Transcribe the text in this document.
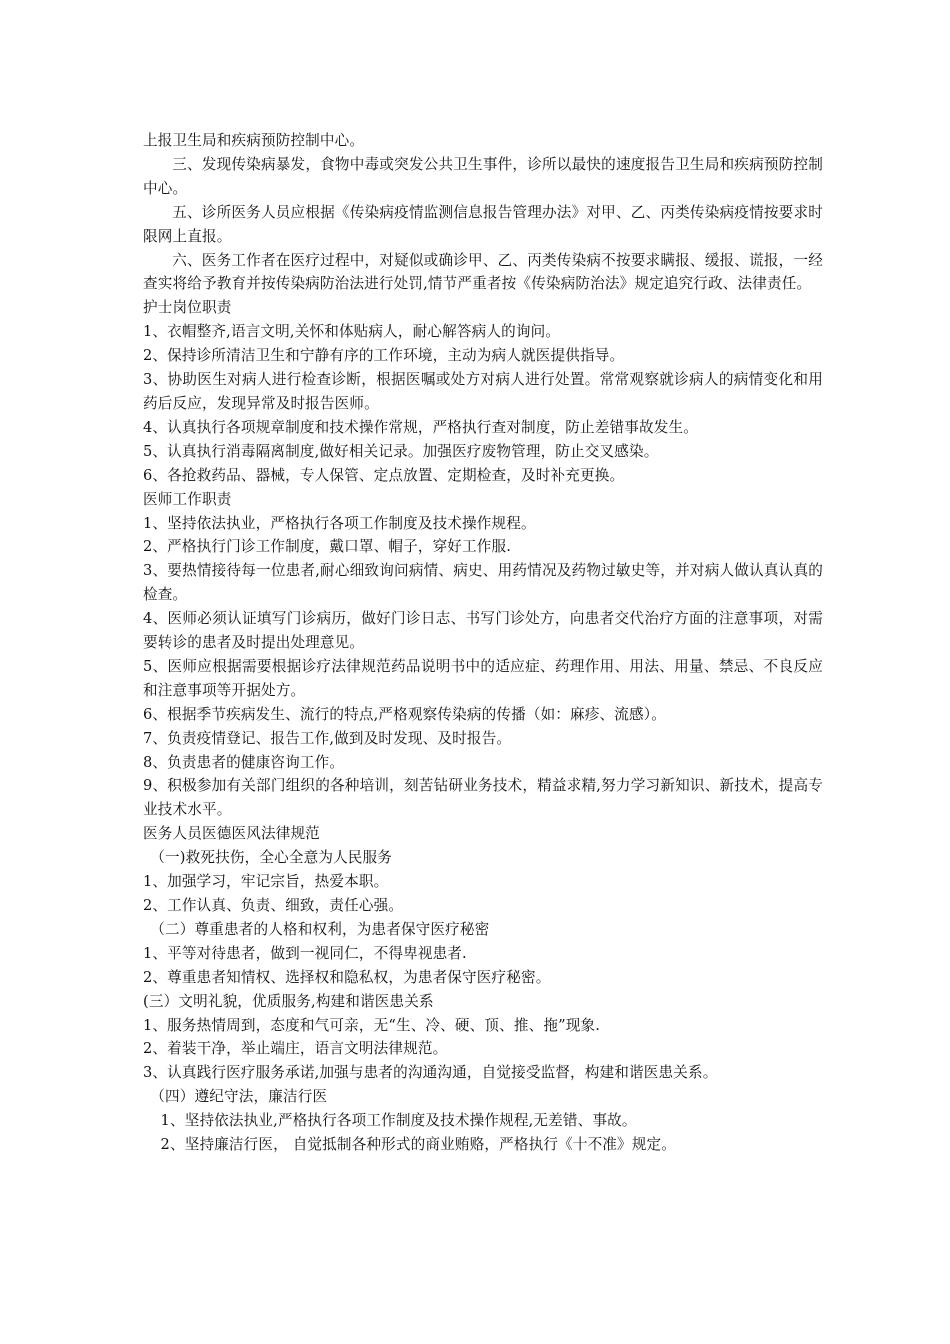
上报卫生局和疾病预防控制中心。

三、发现传染病暴发，食物中毒或突发公共卫生事件，诊所以最快的速度报告卫生局和疾病预防控制中心。

五、诊所医务人员应根据《传染病疫情监测信息报告管理办法》对甲、乙、丙类传染病疫情按要求时限网上直报。

六、医务工作者在医疗过程中，对疑似或确诊甲、乙、丙类传染病不按要求瞒报、缓报、谎报，一经查实将给予教育并按传染病防治法进行处罚,情节严重者按《传染病防治法》规定追究行政、法律责任。

护士岗位职责

1、衣帽整齐,语言文明,关怀和体贴病人，耐心解答病人的询问。

2、保持诊所清洁卫生和宁静有序的工作环境，主动为病人就医提供指导。

3、协助医生对病人进行检查诊断，根据医嘱或处方对病人进行处置。常常观察就诊病人的病情变化和用药后反应，发现异常及时报告医师。

4、认真执行各项规章制度和技术操作常规，严格执行查对制度，防止差错事故发生。

5、认真执行消毒隔离制度,做好相关记录。加强医疗废物管理，防止交叉感染。

6、各抢救药品、器械，专人保管、定点放置、定期检查，及时补充更换。

医师工作职责

1、坚持依法执业，严格执行各项工作制度及技术操作规程。

2、严格执行门诊工作制度，戴口罩、帽子，穿好工作服.

3、要热情接待每一位患者,耐心细致询问病情、病史、用药情况及药物过敏史等，并对病人做认真认真的检查。

4、医师必须认证填写门诊病历，做好门诊日志、书写门诊处方，向患者交代治疗方面的注意事项，对需要转诊的患者及时提出处理意见。

5、医师应根据需要根据诊疗法律规范药品说明书中的适应症、药理作用、用法、用量、禁忌、不良反应和注意事项等开据处方。

6、根据季节疾病发生、流行的特点,严格观察传染病的传播（如：麻疹、流感）。

7、负责疫情登记、报告工作,做到及时发现、及时报告。

8、负责患者的健康咨询工作。

9、积极参加有关部门组织的各种培训，刻苦钻研业务技术，精益求精,努力学习新知识、新技术，提高专业技术水平。

医务人员医德医风法律规范

（一)救死扶伤，全心全意为人民服务

1、加强学习，牢记宗旨，热爱本职。

2、工作认真、负责、细致，责任心强。

（二）尊重患者的人格和权利，为患者保守医疗秘密

1、平等对待患者，做到一视同仁，不得卑视患者.

2、尊重患者知情权、选择权和隐私权，为患者保守医疗秘密。

(三）文明礼貌，优质服务,构建和谐医患关系

1、服务热情周到，态度和气可亲，无“生、冷、硬、顶、推、拖”现象.

2、着装干净，举止端庄，语言文明法律规范。

3、认真践行医疗服务承诺,加强与患者的沟通沟通，自觉接受监督，构建和谐医患关系。

（四）遵纪守法，廉洁行医

1、坚持依法执业,严格执行各项工作制度及技术操作规程,无差错、事故。

2、坚持廉洁行医， 自觉抵制各种形式的商业贿赂，严格执行《十不准》规定。
